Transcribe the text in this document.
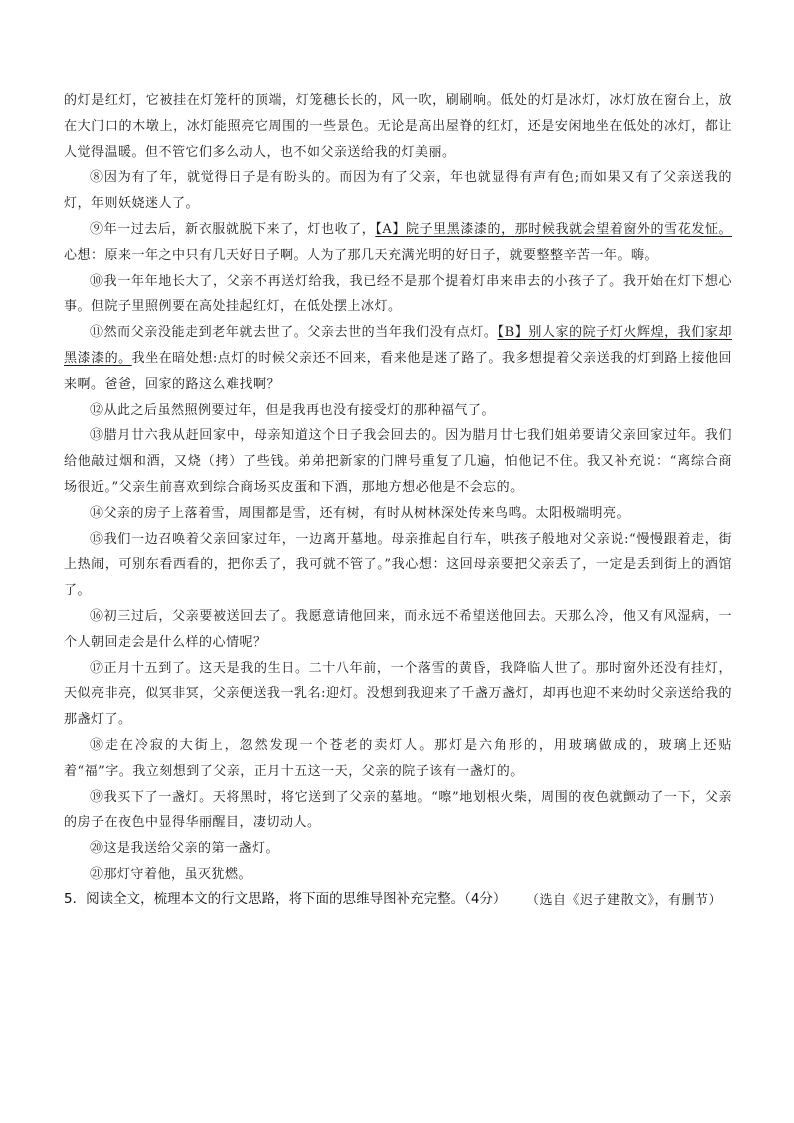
的灯是红灯，它被挂在灯笼杆的顶端，灯笼穗长长的，风一吹，刷刷响。低处的灯是冰灯，冰灯放在窗台上，放在大门口的木墩上，冰灯能照亮它周围的一些景色。无论是高出屋脊的红灯，还是安闲地坐在低处的冰灯，都让人觉得温暖。但不管它们多么动人，也不如父亲送给我的灯美丽。

⑧因为有了年，就觉得日子是有盼头的。而因为有了父亲，年也就显得有声有色;而如果又有了父亲送我的灯，年则妖娆迷人了。

⑨年一过去后，新衣服就脱下来了，灯也收了，【A】院子里黑漆漆的，那时候我就会望着窗外的雪花发怔。心想：原来一年之中只有几天好日子啊。人为了那几天充满光明的好日子，就要整整辛苦一年。嗨。

⑩我一年年地长大了，父亲不再送灯给我，我已经不是那个提着灯串来串去的小孩子了。我开始在灯下想心事。但院子里照例要在高处挂起红灯，在低处摆上冰灯。

⑪然而父亲没能走到老年就去世了。父亲去世的当年我们没有点灯。【B】别人家的院子灯火辉煌，我们家却黑漆漆的。我坐在暗处想:点灯的时候父亲还不回来，看来他是迷了路了。我多想提着父亲送我的灯到路上接他回来啊。爸爸，回家的路这么难找啊？

⑫从此之后虽然照例要过年，但是我再也没有接受灯的那种福气了。

⑬腊月廿六我从赶回家中，母亲知道这个日子我会回去的。因为腊月廿七我们姐弟要请父亲回家过年。我们给他敲过烟和酒，又烧（拷）了些钱。弟弟把新家的门牌号重复了几遍，怕他记不住。我又补充说：“离综合商场很近。”父亲生前喜欢到综合商场买皮蛋和下酒，那地方想必他是不会忘的。

⑭父亲的房子上落着雪，周围都是雪，还有树，有时从树林深处传来鸟鸣。太阳极端明亮。

⑮我们一边召唤着父亲回家过年，一边离开墓地。母亲推起自行车，哄孩子般地对父亲说:“慢慢跟着走，街上热闹，可别东看西看的，把你丢了，我可就不管了。”我心想：这回母亲要把父亲丢了，一定是丢到街上的酒馆了。

⑯初三过后，父亲要被送回去了。我愿意请他回来，而永远不希望送他回去。天那么冷，他又有风湿病，一个人朝回走会是什么样的心情呢？

⑰正月十五到了。这天是我的生日。二十八年前，一个落雪的黄昏，我降临人世了。那时窗外还没有挂灯，天似亮非亮，似冥非冥，父亲便送我一乳名:迎灯。没想到我迎来了千盏万盏灯，却再也迎不来幼时父亲送给我的那盏灯了。

⑱走在冷寂的大街上，忽然发现一个苍老的卖灯人。那灯是六角形的，用玻璃做成的，玻璃上还贴着“福”字。我立刻想到了父亲，正月十五这一天，父亲的院子该有一盏灯的。

⑲我买下了一盏灯。天将黑时，将它送到了父亲的墓地。“嚓”地划根火柴，周围的夜色就颤动了一下，父亲的房子在夜色中显得华丽醒目，凄切动人。

⑳这是我送给父亲的第一盏灯。

㉑那灯守着他，虽灭犹燃。

（选自《迟子建散文》，有删节）

5．阅读全文，梳理本文的行文思路，将下面的思维导图补充完整。（4分）
